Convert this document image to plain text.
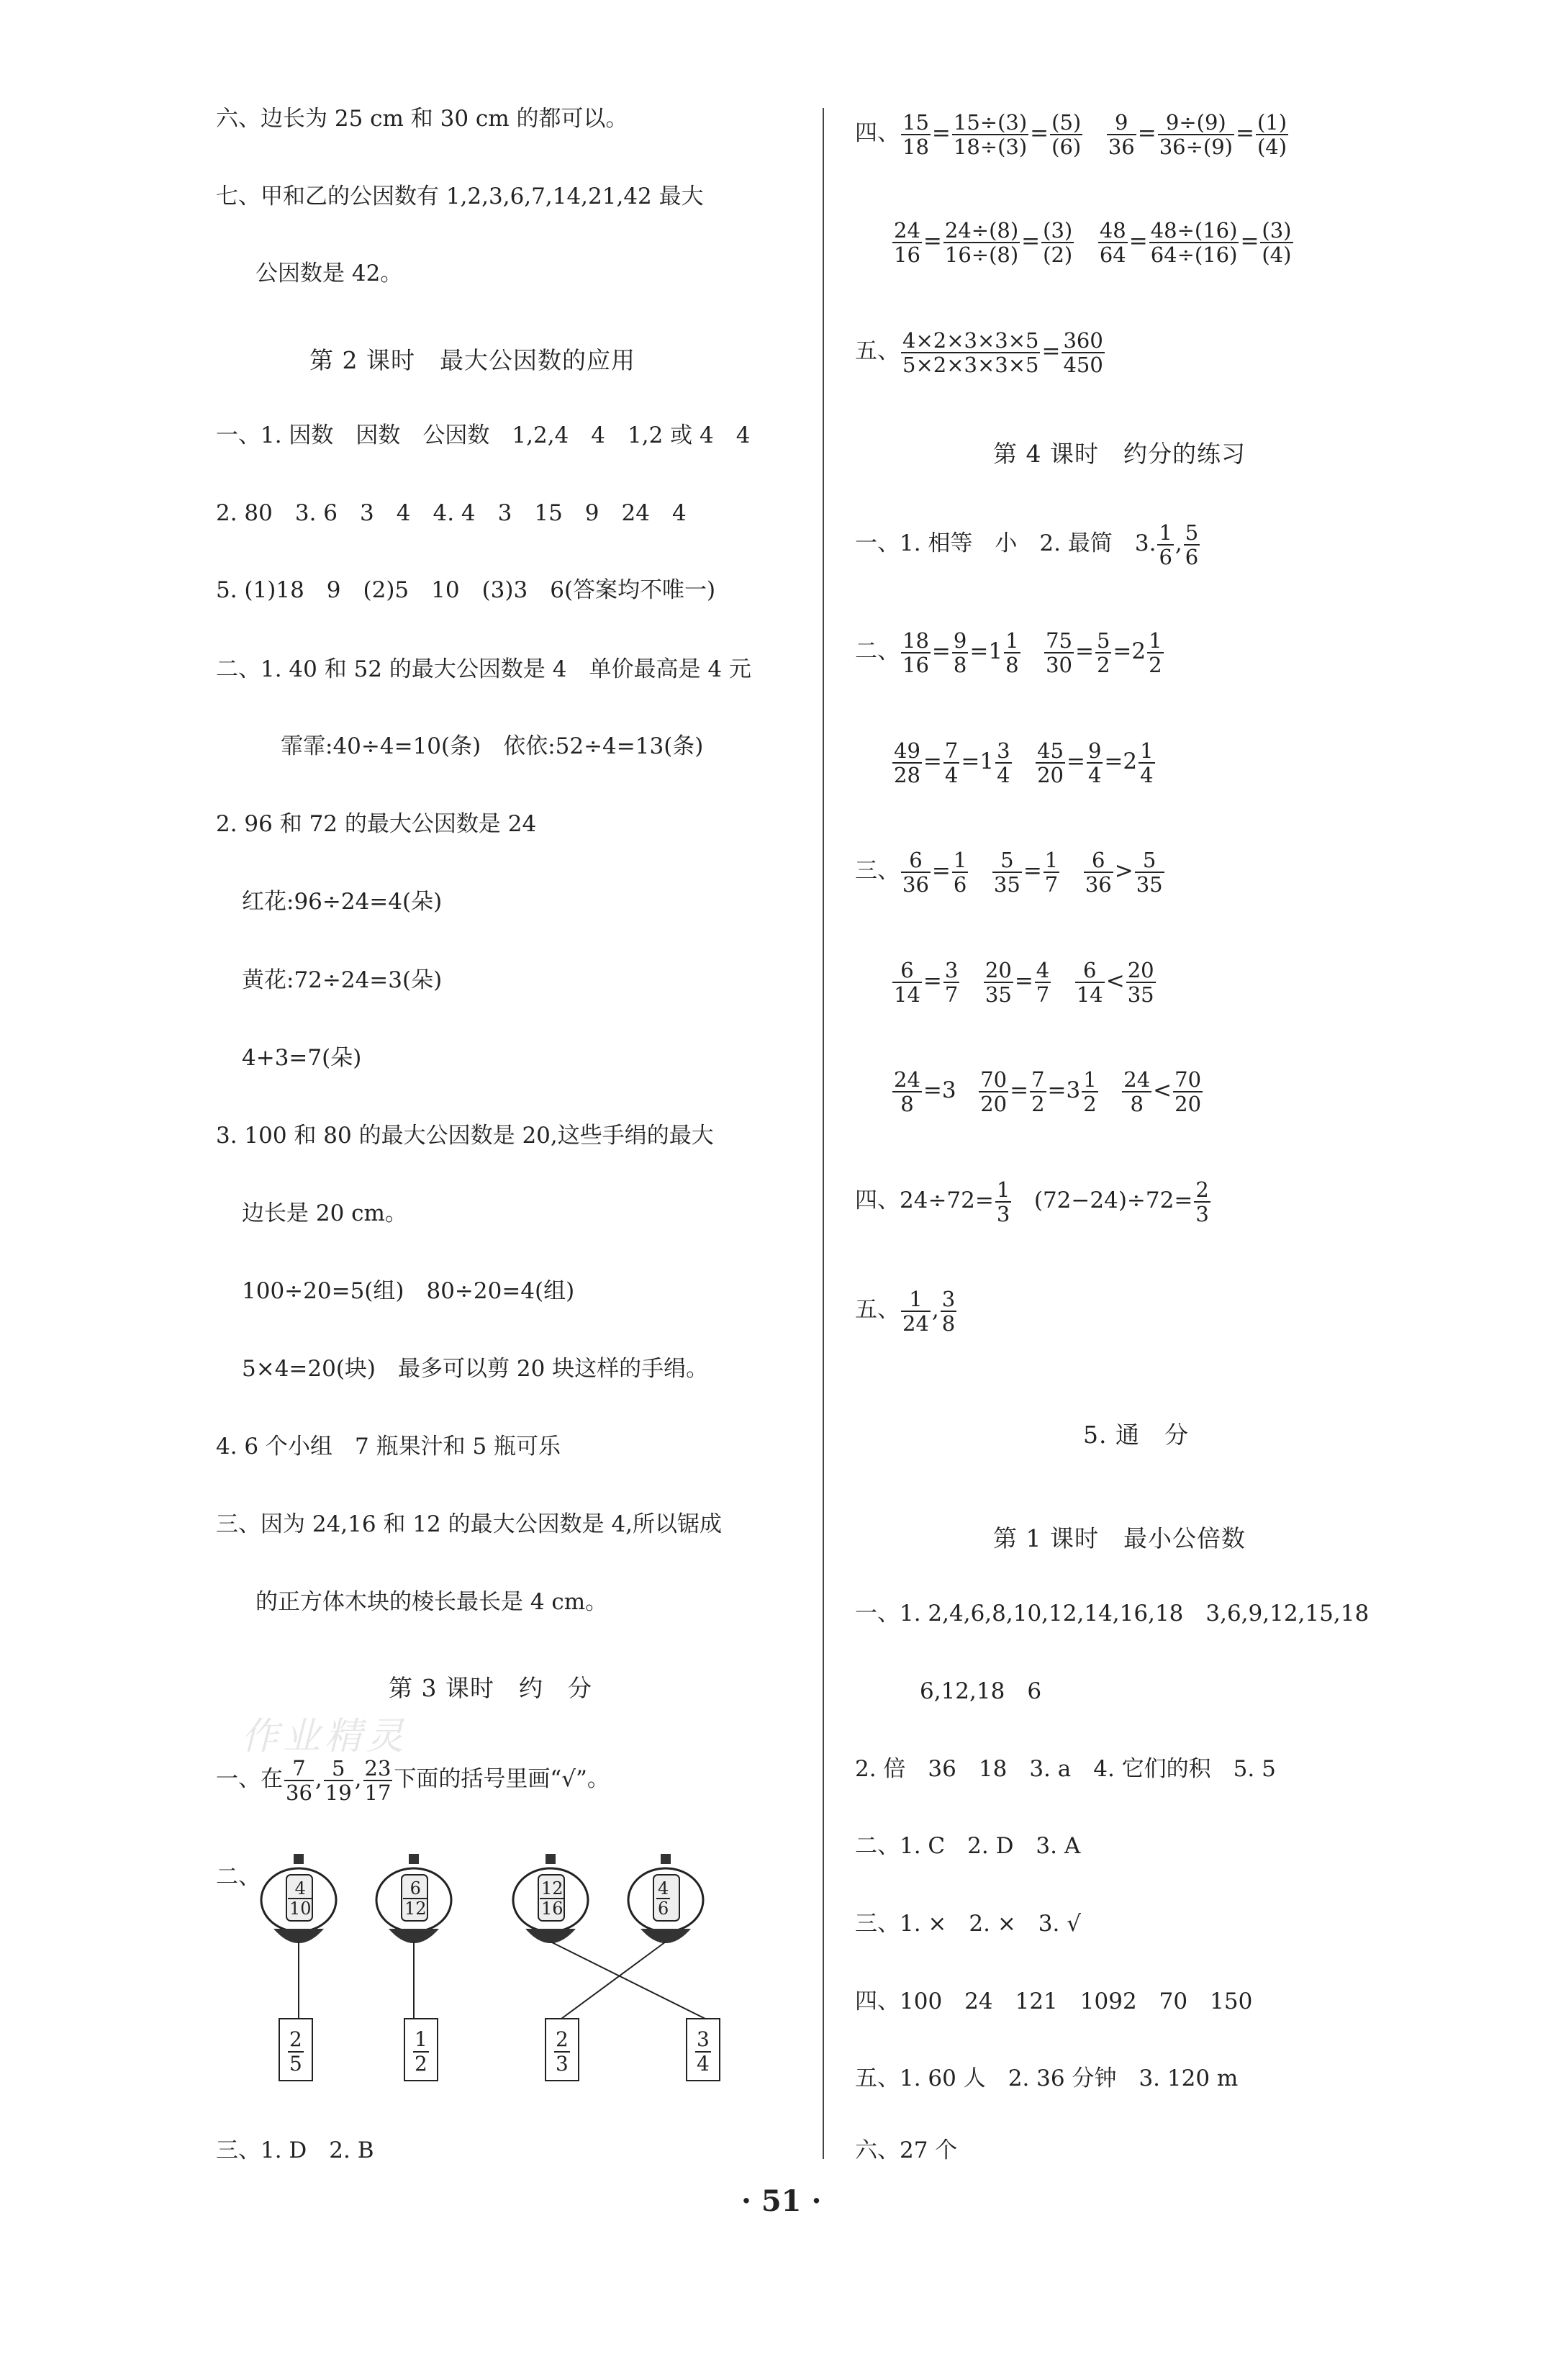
六、边长为 25 cm 和 30 cm 的都可以。
七、甲和乙的公因数有 1,2,3,6,7,14,21,42 最大
公因数是 42。
第 2 课时　最大公因数的应用
一、1. 因数　因数　公因数　1,2,4　4　1,2 或 4　4
2. 80　3. 6　3　4　4. 4　3　15　9　24　4
5. (1)18　9　(2)5　10　(3)3　6(答案均不唯一)
二、1. 40 和 52 的最大公因数是 4　单价最高是 4 元
霏霏:40÷4=10(条)　依依:52÷4=13(条)
2. 96 和 72 的最大公因数是 24
红花:96÷24=4(朵)
黄花:72÷24=3(朵)
4+3=7(朵)
3. 100 和 80 的最大公因数是 20,这些手绢的最大
边长是 20 cm。
100÷20=5(组)　80÷20=4(组)
5×4=20(块)　最多可以剪 20 块这样的手绢。
4. 6 个小组　7 瓶果汁和 5 瓶可乐
三、因为 24,16 和 12 的最大公因数是 4,所以锯成
的正方体木块的棱长最长是 4 cm。
第 3 课时　约　分
作业精灵
一、在 $\frac{7}{36}$ , $\frac{5}{19}$ , $\frac{23}{17}$ 下面的括号里画“√”。
二、
$\frac{4}{10}$	$\frac{6}{12}$	$\frac{12}{16}$	$\frac{4}{6}$
$\frac{2}{5}$	$\frac{1}{2}$	$\frac{2}{3}$	$\frac{3}{4}$
三、1. D　2. B
四、 $\frac{15}{18} = \frac{15\div(3)}{18\div(3)} = \frac{(5)}{(6)}$
$\frac{9}{36} = \frac{9\div(9)}{36\div(9)} = \frac{(1)}{(4)}$
$\frac{24}{16} = \frac{24\div(8)}{16\div(8)} = \frac{(3)}{(2)}$
$\frac{48}{64} = \frac{48\div(16)}{64\div(16)} = \frac{(3)}{(4)}$
五、 $\frac{4\times 2\times 3\times 3\times 5}{5\times 2\times 3\times 3\times 5} = \frac{360}{450}$
第 4 课时　约分的练习
一、1. 相等　小　2. 最简　3. $\frac{1}{6}$ , $\frac{5}{6}$
二、 $\frac{18}{16} = \frac{9}{8} =1 \frac{1}{8}$
$\frac{75}{30} = \frac{5}{2} =2 \frac{1}{2}$
$\frac{49}{28} = \frac{7}{4} =1 \frac{3}{4}$
$\frac{45}{20} = \frac{9}{4} =2 \frac{1}{4}$
三、 $\frac{6}{36} = \frac{1}{6}$
$\frac{5}{35} = \frac{1}{7}$
$\frac{6}{36} > \frac{5}{35}$
$\frac{6}{14} = \frac{3}{7}$
$\frac{20}{35} = \frac{4}{7}$
$\frac{6}{14} < \frac{20}{35}$
$\frac{24}{8} =3 \frac{70}{20} = \frac{7}{2} =3 \frac{1}{2}$
$\frac{24}{8} < \frac{70}{20}$
四、$24\div 72= \frac{1}{3} (72-24)\div 72= \frac{2}{3}$
五、 $\frac{1}{24}$ , $\frac{3}{8}$
5. 通　分
第 1 课时　最小公倍数
一、1. 2,4,6,8,10,12,14,16,18　3,6,9,12,15,18
6,12,18　6
2. 倍　36　18　3. a　4. 它们的积　5. 5
二、1. C　2. D　3. A
三、1. ×　2. ×　3. √
四、100　24　121　1092　70　150
五、1. 60 人　2. 36 分钟　3. 120 m
六、27 个
· 51 ·
